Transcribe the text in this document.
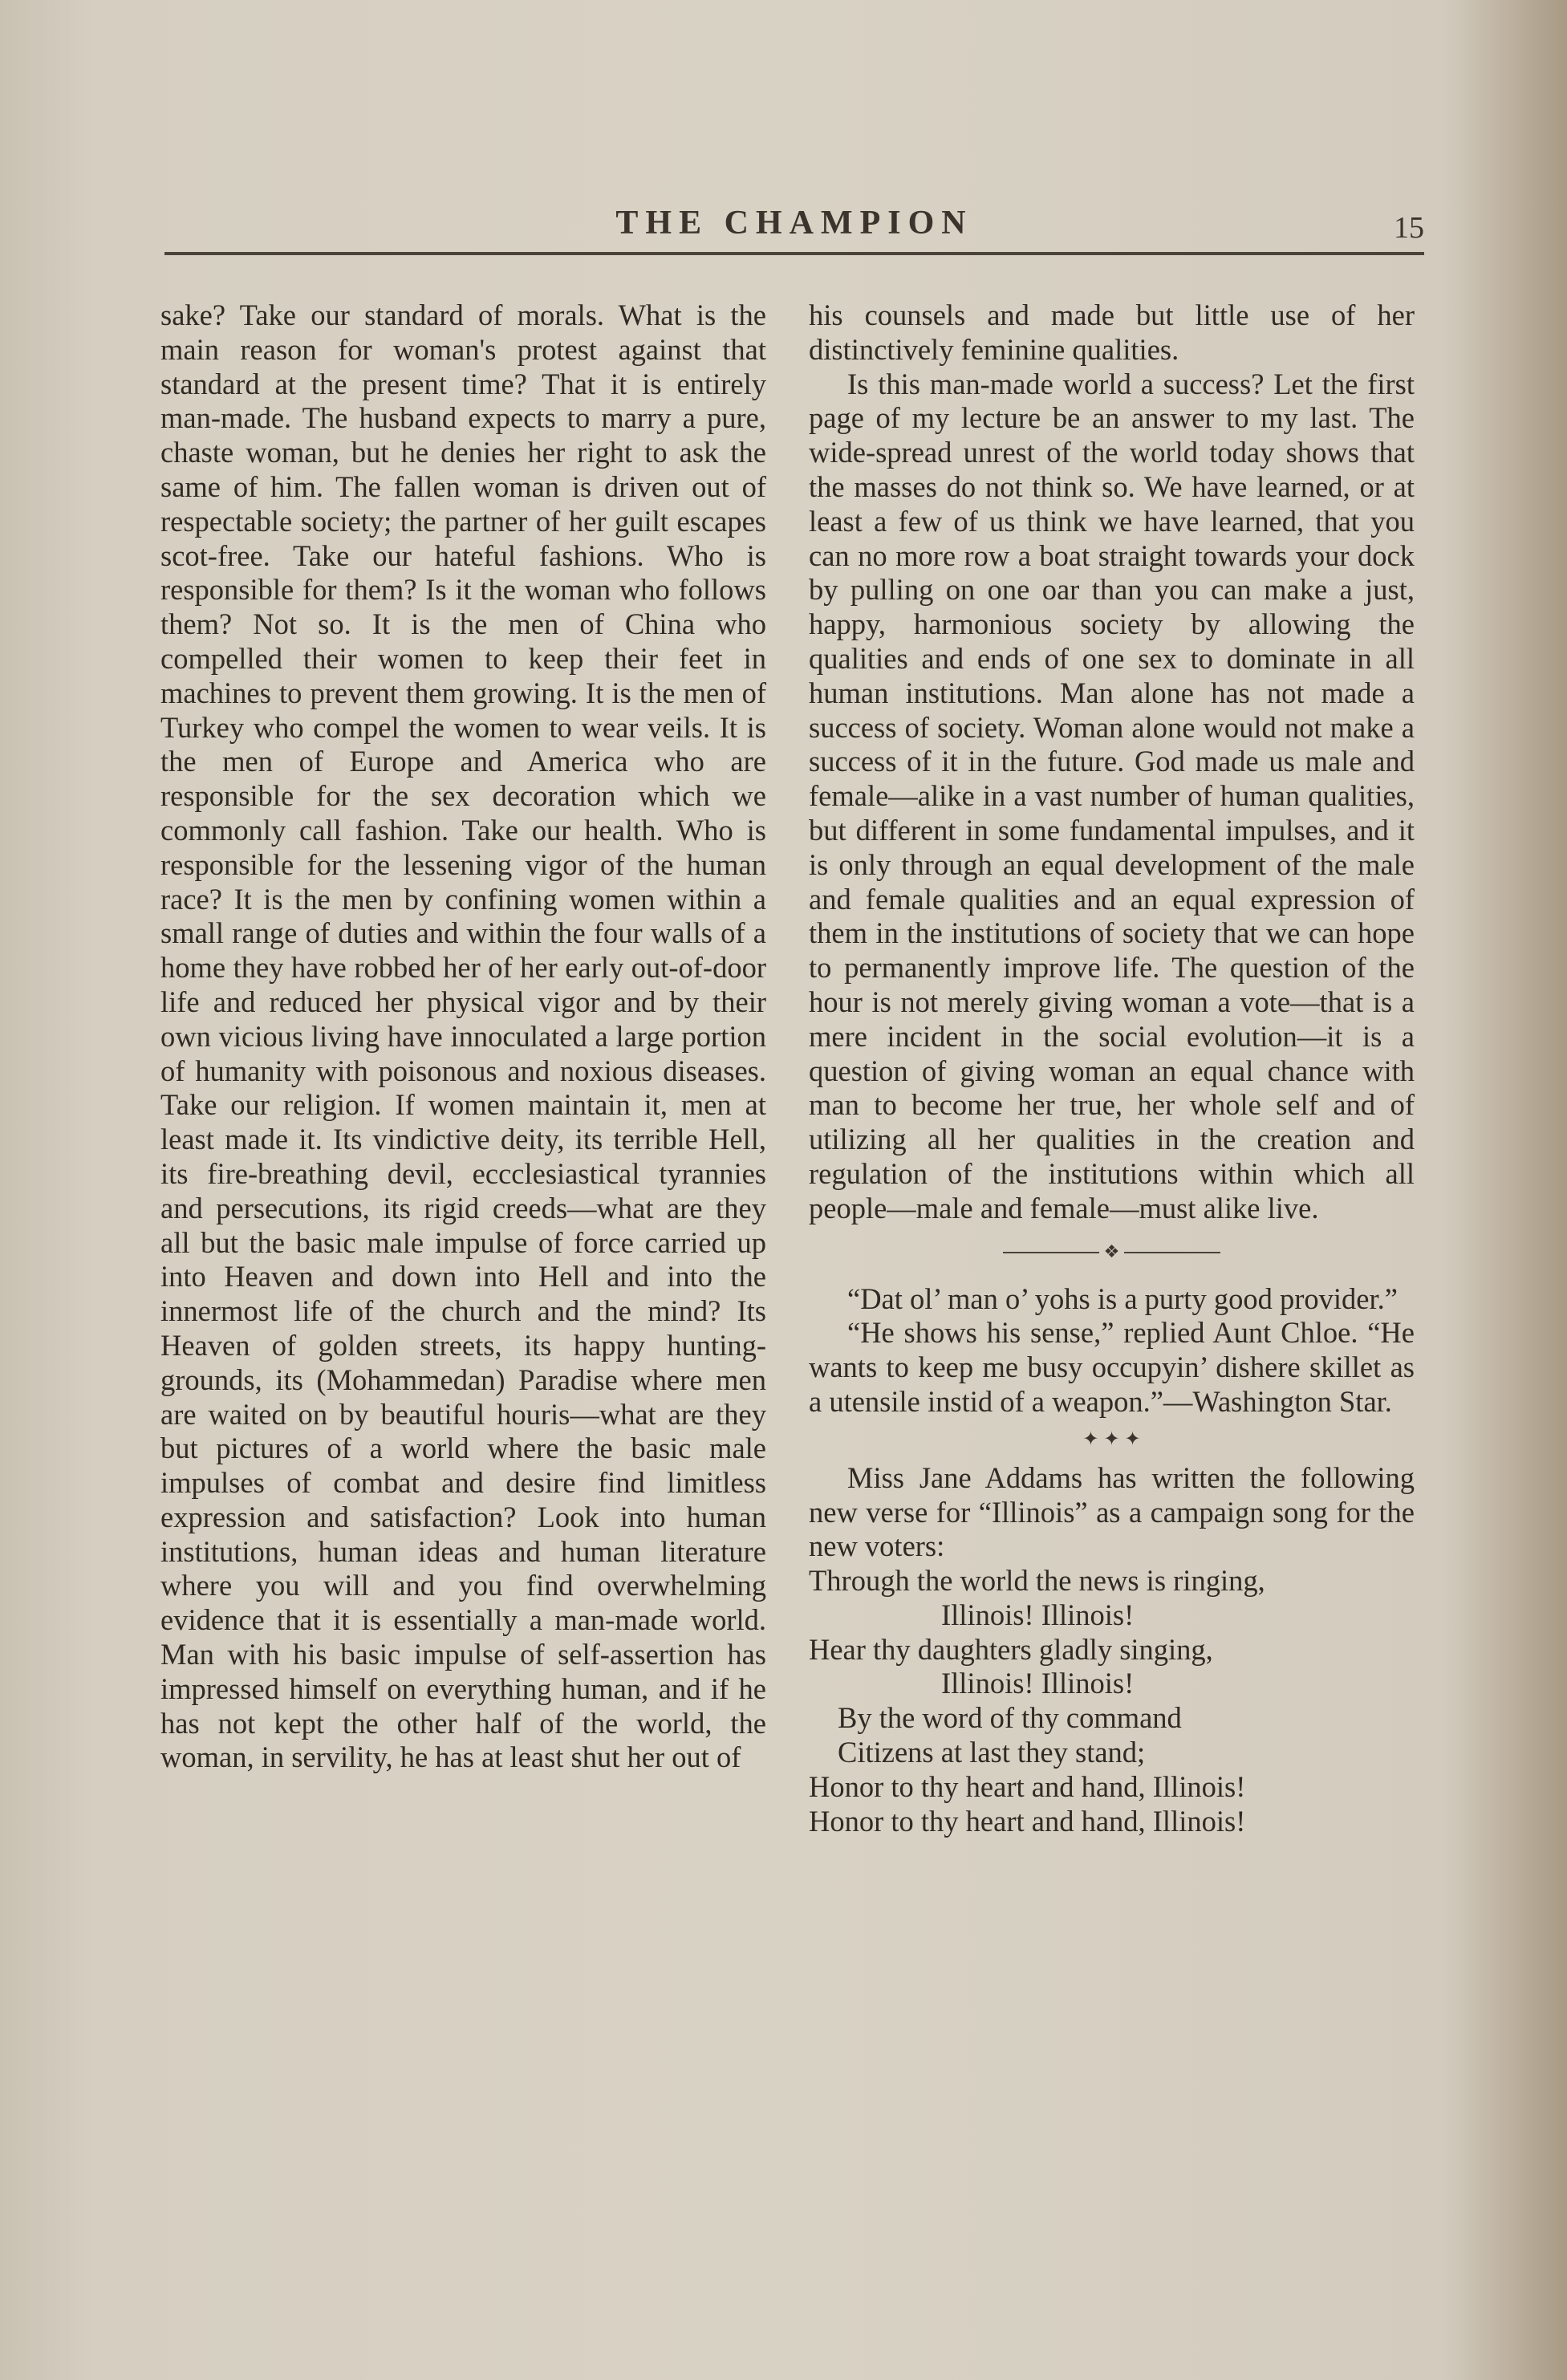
THE CHAMPION	15

sake? Take our standard of morals. What is the main reason for woman's protest against that standard at the present time? That it is entirely man-made. The husband expects to marry a pure, chaste woman, but he denies her right to ask the same of him. The fallen woman is driven out of respectable society; the partner of her guilt escapes scot-free. Take our hateful fashions. Who is responsible for them? Is it the woman who follows them? Not so. It is the men of China who compelled their women to keep their feet in machines to prevent them growing. It is the men of Turkey who compel the women to wear veils. It is the men of Europe and America who are responsible for the sex decoration which we commonly call fashion. Take our health. Who is responsible for the lessening vigor of the human race? It is the men by confining women within a small range of duties and within the four walls of a home they have robbed her of her early out-of-door life and reduced her physical vigor and by their own vicious living have innoculated a large portion of humanity with poisonous and noxious diseases. Take our religion. If women maintain it, men at least made it. Its vindictive deity, its terrible Hell, its fire-breathing devil, eccclesiastical tyrannies and persecutions, its rigid creeds—what are they all but the basic male impulse of force carried up into Heaven and down into Hell and into the innermost life of the church and the mind? Its Heaven of golden streets, its happy hunting-grounds, its (Mohammedan) Paradise where men are waited on by beautiful houris—what are they but pictures of a world where the basic male impulses of combat and desire find limitless expression and satisfaction? Look into human institutions, human ideas and human literature where you will and you find overwhelming evidence that it is essentially a man-made world. Man with his basic impulse of self-assertion has impressed himself on everything human, and if he has not kept the other half of the world, the woman, in servility, he has at least shut her out of

his counsels and made but little use of her distinctively feminine qualities.

Is this man-made world a success? Let the first page of my lecture be an answer to my last. The wide-spread unrest of the world today shows that the masses do not think so. We have learned, or at least a few of us think we have learned, that you can no more row a boat straight towards your dock by pulling on one oar than you can make a just, happy, harmonious society by allowing the qualities and ends of one sex to dominate in all human institutions. Man alone has not made a success of society. Woman alone would not make a success of it in the future. God made us male and female—alike in a vast number of human qualities, but different in some fundamental impulses, and it is only through an equal development of the male and female qualities and an equal expression of them in the institutions of society that we can hope to permanently improve life. The question of the hour is not merely giving woman a vote—that is a mere incident in the social evolution—it is a question of giving woman an equal chance with man to become her true, her whole self and of utilizing all her qualities in the creation and regulation of the institutions within which all people—male and female—must alike live.

❖

“Dat ol’ man o’ yohs is a purty good provider.”

“He shows his sense,” replied Aunt Chloe. “He wants to keep me busy occupyin’ dishere skillet as a utensile instid of a weapon.”—Washington Star.

✦ ✦ ✦

Miss Jane Addams has written the following new verse for “Illinois” as a campaign song for the new voters:

Through the world the news is ringing,

Illinois! Illinois!

Hear thy daughters gladly singing,

Illinois! Illinois!

By the word of thy command

Citizens at last they stand;

Honor to thy heart and hand, Illinois!

Honor to thy heart and hand, Illinois!
